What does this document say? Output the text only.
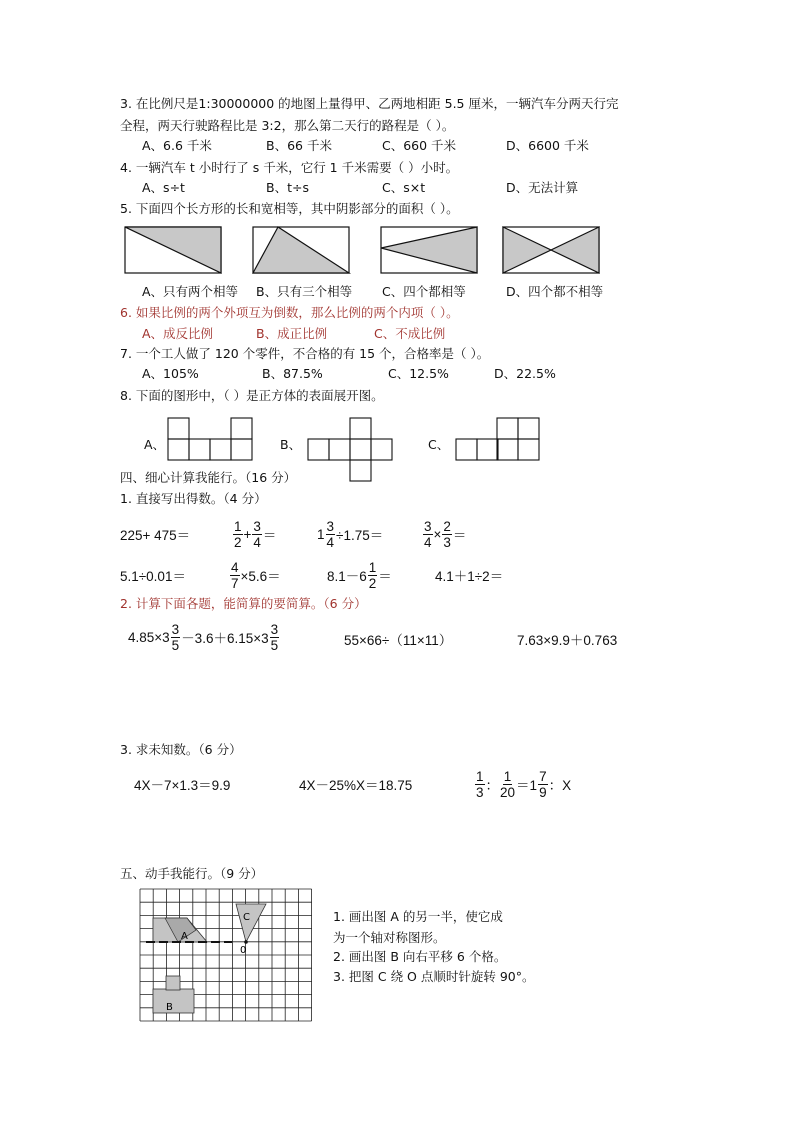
3. 在比例尺是1:30000000 的地图上量得甲、乙两地相距 5.5 厘米，一辆汽车分两天行完
全程，两天行驶路程比是 3:2，那么第二天行的路程是（ ）。
A、6.6 千米	B、66 千米	C、660 千米	D、6600 千米
4. 一辆汽车 t 小时行了 s 千米，它行 1 千米需要（ ）小时。
A、s÷t	B、t÷s	C、s×t	D、无法计算
5. 下面四个长方形的长和宽相等，其中阴影部分的面积（ ）。
A、只有两个相等 B、只有三个相等 C、四个都相等	D、四个都不相等
6. 如果比例的两个外项互为倒数，那么比例的两个内项（ ）。
A、成反比例	B、成正比例	C、不成比例
7. 一个工人做了 120 个零件，不合格的有 15 个，合格率是（ ）。
A、105%	B、87.5%	C、12.5%	D、22.5%
8. 下面的图形中，（ ）是正方体的表面展开图。
A、	B、	C、
四、细心计算我能行。（16 分）
1. 直接写出得数。（4 分）
225+ 475＝	$\frac{1}{2} + \frac{3}{4}$ ＝	$1 \frac{3}{4} \div 1.75=$	$\frac{3}{4} \times \frac{2}{3}$ ＝
5.1÷0.01＝	$\frac{4}{7} \times 5.6=$	$8.1-6 \frac{1}{2}$ ＝	4.1＋1÷2＝
2. 计算下面各题，能简算的要简算。（6 分）
$4.85\times 3 \frac{3}{5} -3.6+6.15\times 3 \frac{3}{5}$	55×66÷（11×11）	7.63×9.9＋0.763
3. 求未知数。（6 分）
4X－7×1.3＝9.9	4X－25%X＝18.75	$\frac{1}{3}$ ： $\frac{1}{20} =1 \frac{7}{9}$ ：X
五、动手我能行。（9 分）
A
C
0
B
1. 画出图 A 的另一半，使它成
为一个轴对称图形。
2. 画出图 B 向右平移 6 个格。
3. 把图 C 绕 O 点顺时针旋转 90°。
